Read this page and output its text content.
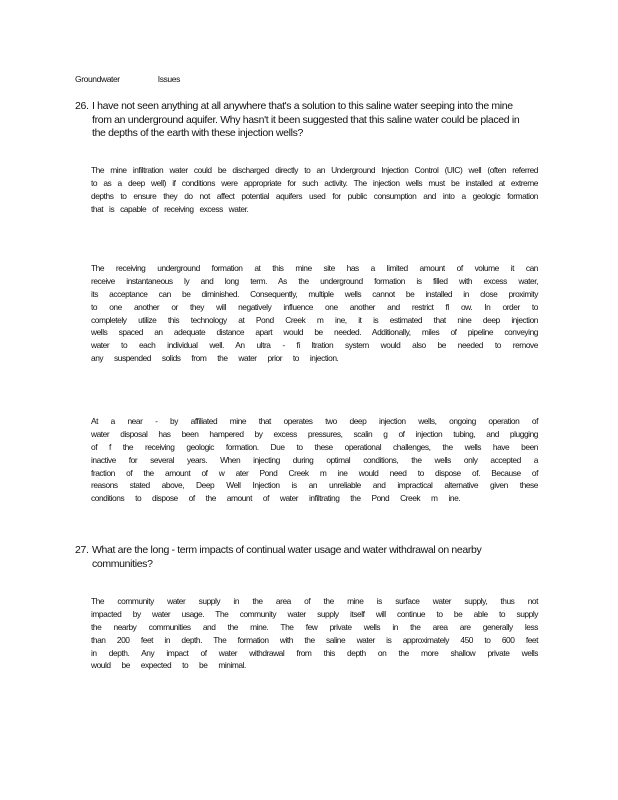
Groundwater	Issues
26. I have not seen anything at all anywhere that's a solution to this saline water seeping into the mine from an underground aquifer. Why hasn't it been suggested that this saline water could be placed in the depths of the earth with these injection wells?

The mine infiltration water could be discharged directly to an Underground Injection Control (UIC) well (often referred to as a deep well) if conditions were appropriate for such activity. The injection wells must be installed at extreme depths to ensure they do not affect potential aquifers used for public consumption and into a geologic formation that is capable of receiving excess water.

The receiving underground formation at this mine site has a limited amount of volume it can receive instantaneous ly and long term. As the underground formation is filled with excess water, its acceptance can be diminished. Consequently, multiple wells cannot be installed in close proximity to one another or they will negatively influence one another and restrict fl ow. In order to completely utilize this technology at Pond Creek m ine, it is estimated that nine deep injection wells spaced an adequate distance apart would be needed. Additionally, miles of pipeline conveying water to each individual well. An ultra - fi ltration system would also be needed to remove any suspended solids from the water prior to injection.

At a near - by affiliated mine that operates two deep injection wells, ongoing operation of water disposal has been hampered by excess pressures, scalin g of injection tubing, and plugging of f the receiving geologic formation. Due to these operational challenges, the wells have been inactive for several years. When injecting during optimal conditions, the wells only accepted a fraction of the amount of w ater Pond Creek m ine would need to dispose of. Because of reasons stated above, Deep Well Injection is an unreliable and impractical alternative given these conditions to dispose of the amount of water infiltrating the Pond Creek m ine.

27. What are the long - term impacts of continual water usage and water withdrawal on nearby communities?

The community water supply in the area of the mine is surface water supply, thus not impacted by water usage. The community water supply itself will continue to be able to supply the nearby communities and the mine. The few private wells in the area are generally less than 200 feet in depth. The formation with the saline water is approximately 450 to 600 feet in depth. Any impact of water withdrawal from this depth on the more shallow private wells would be expected to be minimal.
